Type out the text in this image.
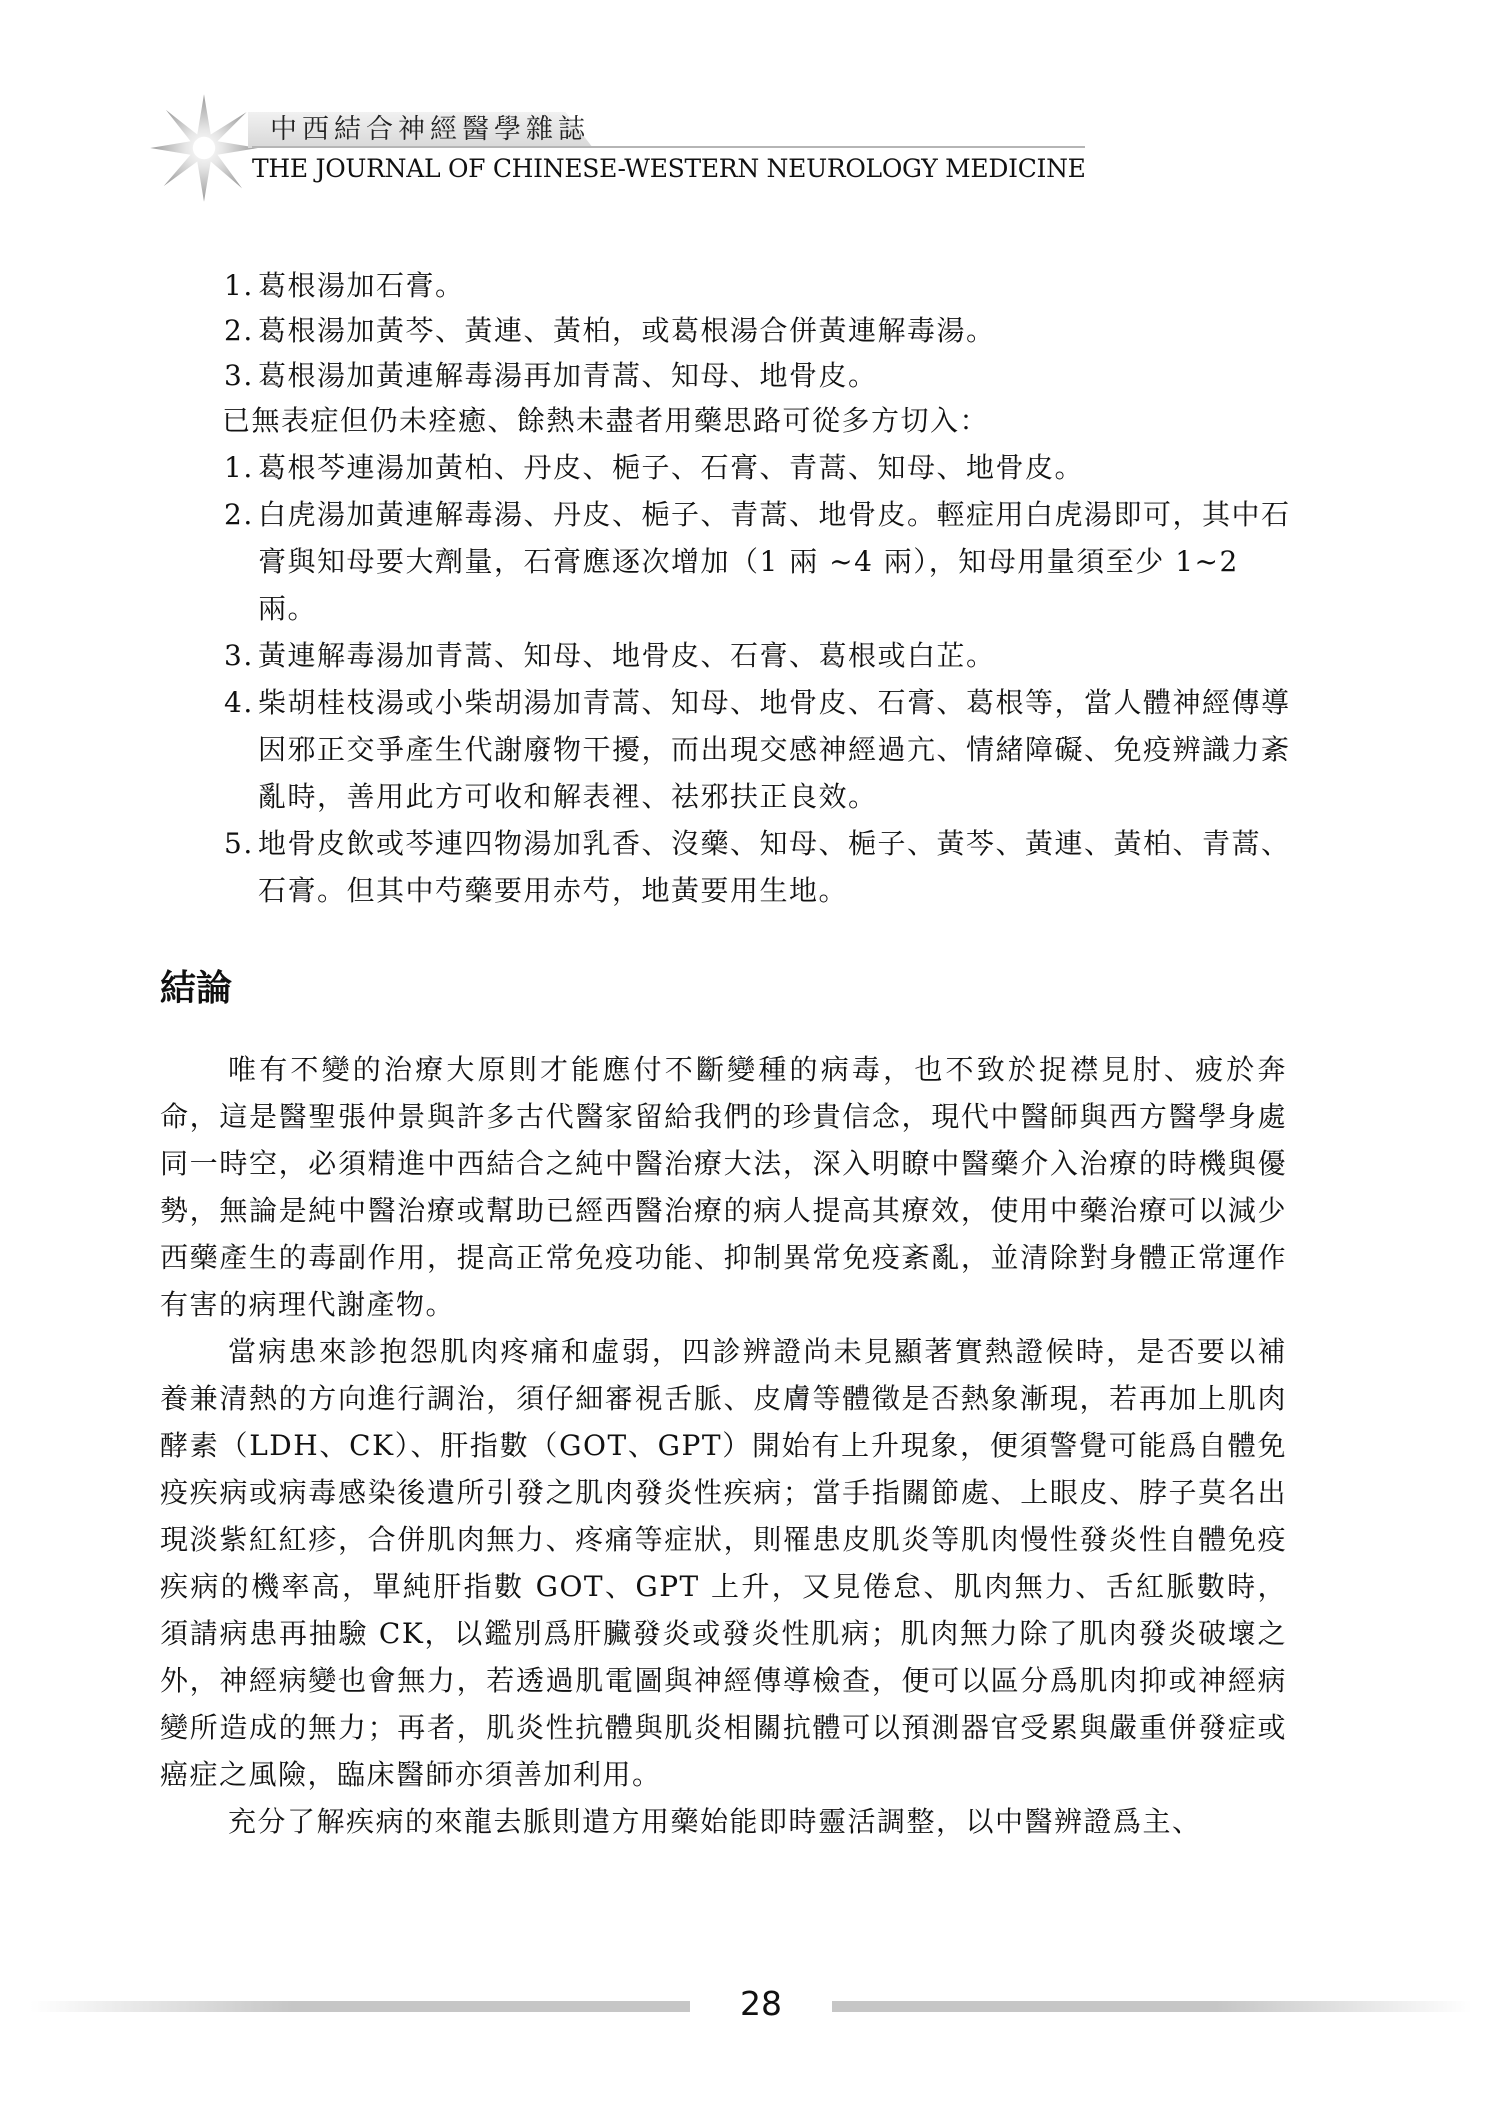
中西結合神經醫學雜誌
THE JOURNAL OF CHINESE-WESTERN NEUROLOGY MEDICINE
1. 葛根湯加石膏。
2. 葛根湯加黃芩、黃連、黃柏，或葛根湯合併黃連解毒湯。
3. 葛根湯加黃連解毒湯再加青蒿、知母、地骨皮。
已無表症但仍未痊癒、餘熱未盡者用藥思路可從多方切入：
1. 葛根芩連湯加黃柏、丹皮、梔子、石膏、青蒿、知母、地骨皮。
2. 白虎湯加黃連解毒湯、丹皮、梔子、青蒿、地骨皮。輕症用白虎湯即可，其中石膏與知母要大劑量，石膏應逐次增加（1 兩 ~4 兩），知母用量須至少 1~2 兩。
3. 黃連解毒湯加青蒿、知母、地骨皮、石膏、葛根或白芷。
4. 柴胡桂枝湯或小柴胡湯加青蒿、知母、地骨皮、石膏、葛根等，當人體神經傳導因邪正交爭產生代謝廢物干擾，而出現交感神經過亢、情緒障礙、免疫辨識力紊亂時，善用此方可收和解表裡、祛邪扶正良效。
5. 地骨皮飲或芩連四物湯加乳香、沒藥、知母、梔子、黃芩、黃連、黃柏、青蒿、石膏。但其中芍藥要用赤芍，地黃要用生地。
結論

唯有不變的治療大原則才能應付不斷變種的病毒，也不致於捉襟見肘、疲於奔命，這是醫聖張仲景與許多古代醫家留給我們的珍貴信念，現代中醫師與西方醫學身處同一時空，必須精進中西結合之純中醫治療大法，深入明瞭中醫藥介入治療的時機與優勢，無論是純中醫治療或幫助已經西醫治療的病人提高其療效，使用中藥治療可以減少西藥產生的毒副作用，提高正常免疫功能、抑制異常免疫紊亂，並清除對身體正常運作有害的病理代謝產物。

當病患來診抱怨肌肉疼痛和虛弱，四診辨證尚未見顯著實熱證候時，是否要以補養兼清熱的方向進行調治，須仔細審視舌脈、皮膚等體徵是否熱象漸現，若再加上肌肉酵素（LDH、CK）、肝指數（GOT、GPT）開始有上升現象，便須警覺可能爲自體免疫疾病或病毒感染後遺所引發之肌肉發炎性疾病；當手指關節處、上眼皮、脖子莫名出現淡紫紅紅疹，合併肌肉無力、疼痛等症狀，則罹患皮肌炎等肌肉慢性發炎性自體免疫疾病的機率高，單純肝指數 GOT、GPT 上升，又見倦怠、肌肉無力、舌紅脈數時，須請病患再抽驗 CK，以鑑別爲肝臟發炎或發炎性肌病；肌肉無力除了肌肉發炎破壞之外，神經病變也會無力，若透過肌電圖與神經傳導檢查，便可以區分爲肌肉抑或神經病變所造成的無力；再者，肌炎性抗體與肌炎相關抗體可以預測器官受累與嚴重併發症或癌症之風險，臨床醫師亦須善加利用。

充分了解疾病的來龍去脈則遣方用藥始能即時靈活調整，以中醫辨證爲主、

28
